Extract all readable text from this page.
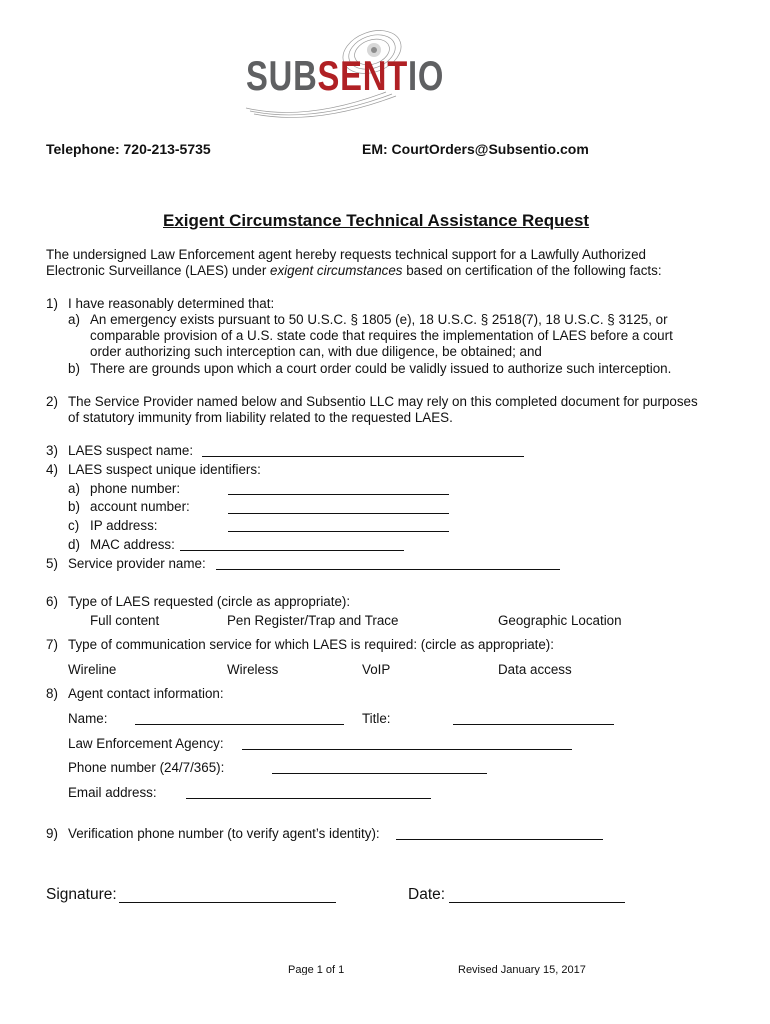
SUBSENTIO
Telephone: 720-213-5735	EM: CourtOrders@Subsentio.com
Exigent Circumstance Technical Assistance Request
The undersigned Law Enforcement agent hereby requests technical support for a Lawfully Authorized
Electronic Surveillance (LAES) under exigent circumstances based on certification of the following facts:
1) I have reasonably determined that:
a) An emergency exists pursuant to 50 U.S.C. § 1805 (e), 18 U.S.C. § 2518(7), 18 U.S.C. § 3125, or
comparable provision of a U.S. state code that requires the implementation of LAES before a court
order authorizing such interception can, with due diligence, be obtained; and
b) There are grounds upon which a court order could be validly issued to authorize such interception.
2) The Service Provider named below and Subsentio LLC may rely on this completed document for purposes
of statutory immunity from liability related to the requested LAES.
3) LAES suspect name:
4) LAES suspect unique identifiers:
a) phone number:
b) account number:
c) IP address:
d) MAC address:
5) Service provider name:
6) Type of LAES requested (circle as appropriate):
Full content	Pen Register/Trap and Trace	Geographic Location
7) Type of communication service for which LAES is required: (circle as appropriate):
Wireline	Wireless	VoIP	Data access
8) Agent contact information:
Name:	Title:
Law Enforcement Agency:
Phone number (24/7/365):
Email address:
9) Verification phone number (to verify agent’s identity):
Signature:	Date:
Page 1 of 1	Revised January 15, 2017
